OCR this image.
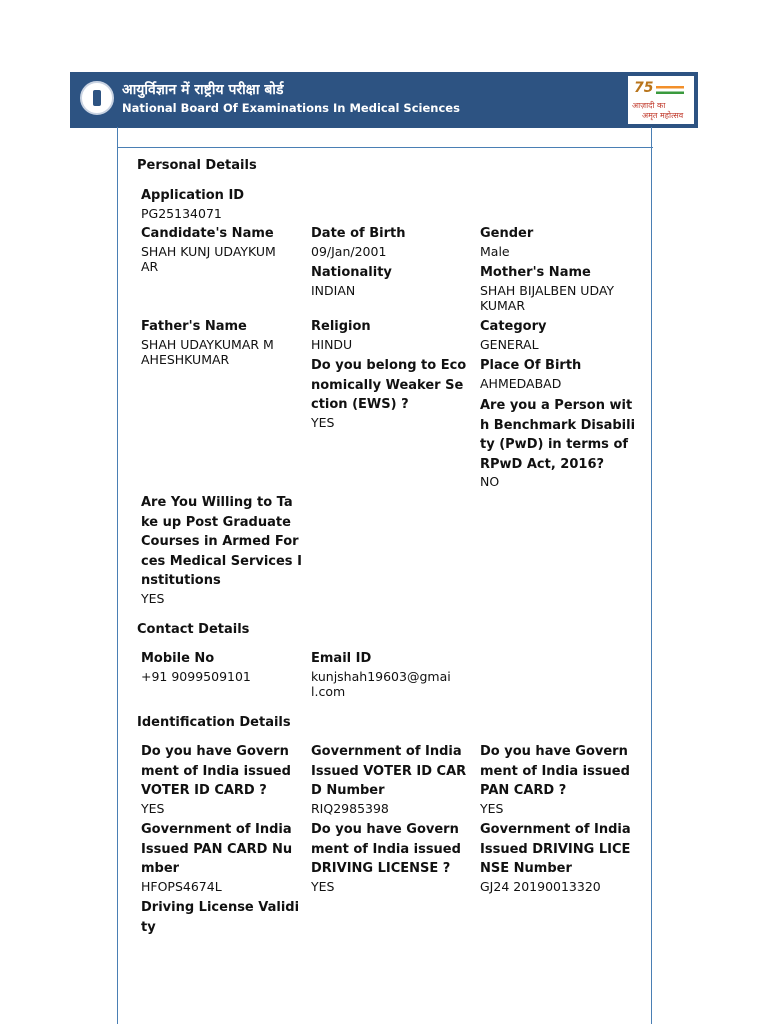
आयुर्विज्ञान में राष्ट्रीय परीक्षा बोर्ड
National Board Of Examinations In Medical Sciences
75
आज़ादी का
अमृत महोत्सव
Personal Details
Application ID
PG25134071
Candidate's Name
SHAH KUNJ UDAYKUM
AR
Date of Birth
09/Jan/2001
Gender
Male
Nationality
INDIAN
Mother's Name
SHAH BIJALBEN UDAY
KUMAR
Father's Name
SHAH UDAYKUMAR M
AHESHKUMAR
Religion
HINDU
Category
GENERAL
Do you belong to Eco
nomically Weaker Se
ction (EWS) ?
YES
Place Of Birth
AHMEDABAD
Are you a Person wit
h Benchmark Disabili
ty (PwD) in terms of
RPwD Act, 2016?
NO
Are You Willing to Ta
ke up Post Graduate
Courses in Armed For
ces Medical Services I
nstitutions
YES
Contact Details
Mobile No
+91 9099509101
Email ID
kunjshah19603@gmai
l.com
Identification Details
Do you have Govern
ment of India issued
VOTER ID CARD ?
YES
Government of India
Issued VOTER ID CAR
D Number
RIQ2985398
Do you have Govern
ment of India issued
PAN CARD ?
YES
Government of India
Issued PAN CARD Nu
mber
HFOPS4674L
Do you have Govern
ment of India issued
DRIVING LICENSE ?
YES
Government of India
Issued DRIVING LICE
NSE Number
GJ24 20190013320
Driving License Validi
ty
